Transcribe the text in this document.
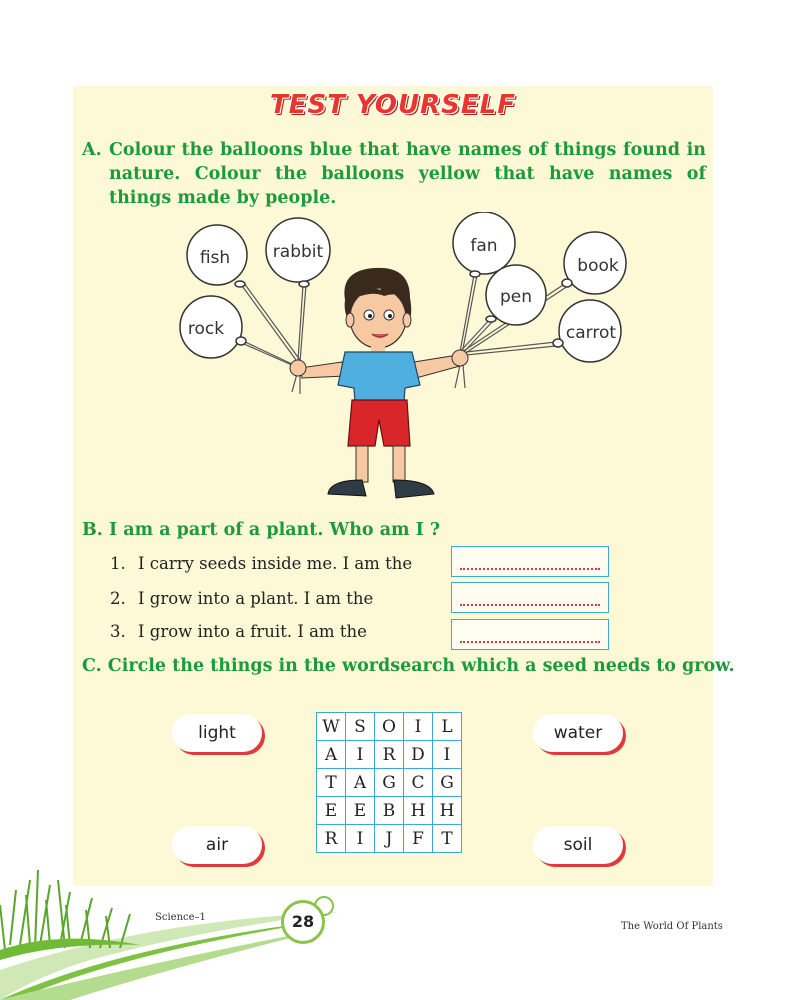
TEST YOURSELF
A. Colour the balloons blue that have names of things found in nature. Colour the balloons yellow that have names of things made by people.
fish	rabbit
rock
fan
book
pen
carrot
B. I am a part of a plant. Who am I ?
1. I carry seeds inside me. I am the
2. I grow into a plant. I am the
3. I grow into a fruit. I am the
C. Circle the things in the wordsearch which a seed needs to grow.
light	water
air	soil
W	S	O	I	L
A	I	R	D	I
T	A	G	C	G
E	E	B	H	H
R	I	J	F	T
Science–1	28	The World Of Plants
